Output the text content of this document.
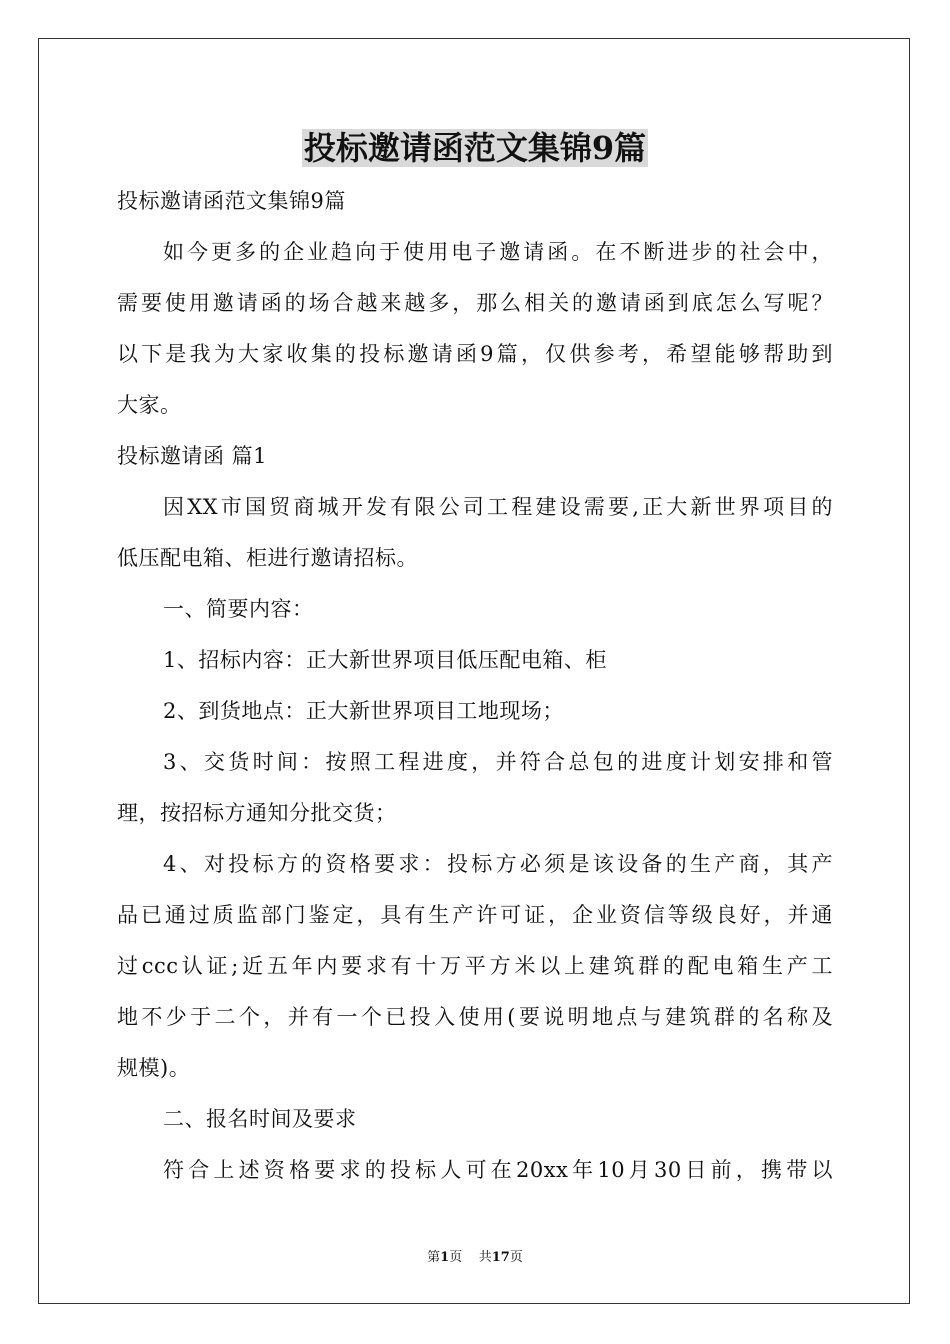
投标邀请函范文集锦9篇
投标邀请函范文集锦9篇
如今更多的企业趋向于使用电子邀请函。在不断进步的社会中，
需要使用邀请函的场合越来越多，那么相关的邀请函到底怎么写呢？
以下是我为大家收集的投标邀请函9篇，仅供参考，希望能够帮助到
大家。
投标邀请函 篇1
因XX市国贸商城开发有限公司工程建设需要,正大新世界项目的
低压配电箱、柜进行邀请招标。
一、简要内容：
1、招标内容：正大新世界项目低压配电箱、柜
2、到货地点：正大新世界项目工地现场；
3、交货时间：按照工程进度，并符合总包的进度计划安排和管
理，按招标方通知分批交货；
4、对投标方的资格要求：投标方必须是该设备的生产商，其产
品已通过质监部门鉴定，具有生产许可证，企业资信等级良好，并通
过ccc认证;近五年内要求有十万平方米以上建筑群的配电箱生产工
地不少于二个，并有一个已投入使用(要说明地点与建筑群的名称及
规模)。
二、报名时间及要求
符合上述资格要求的投标人可在20xx年10月30日前，携带以
第1页 共17页
